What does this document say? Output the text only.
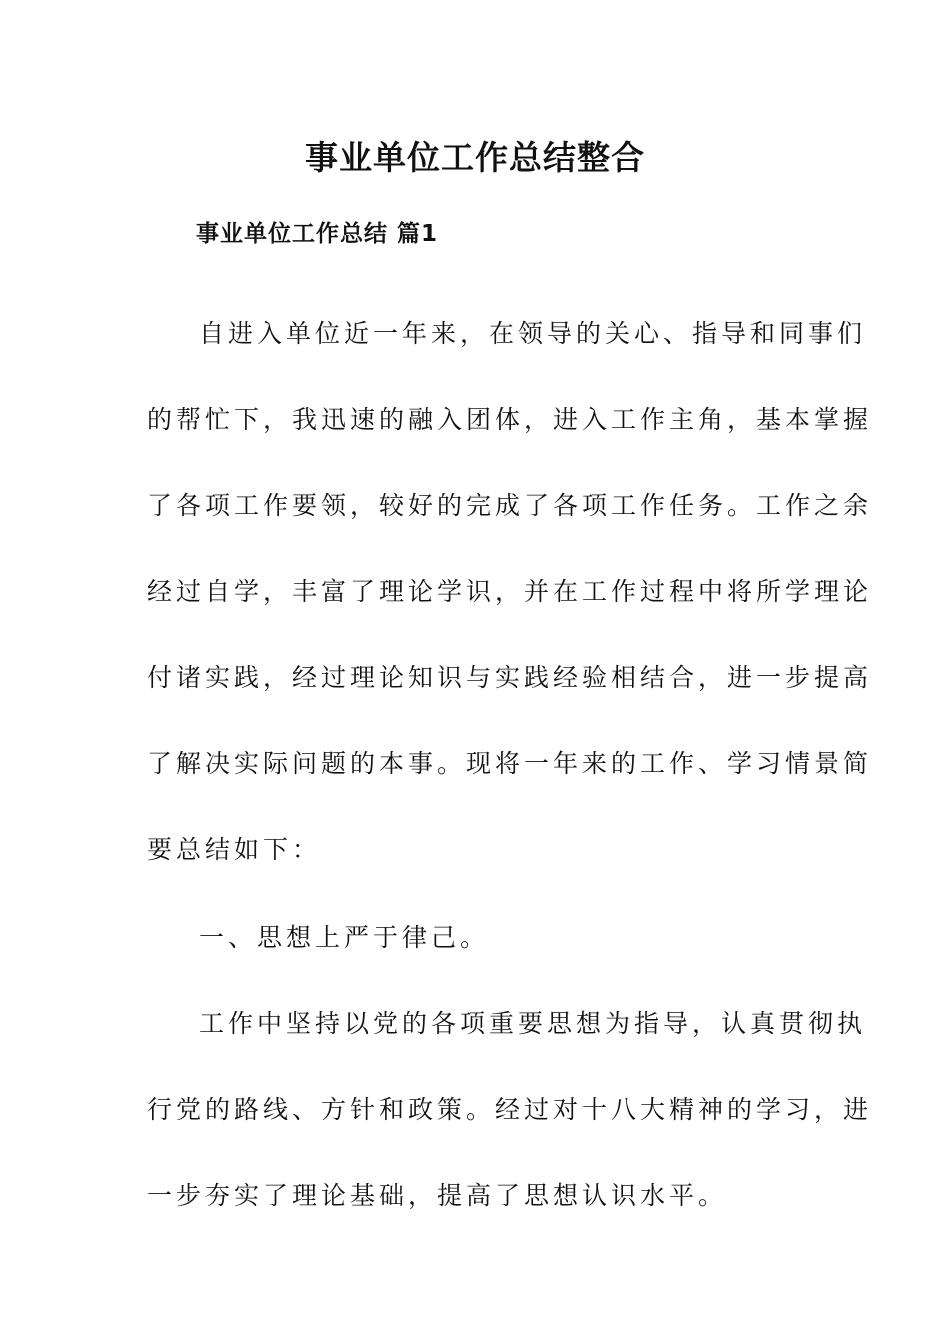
事业单位工作总结整合
事业单位工作总结 篇1

自进入单位近一年来，在领导的关心、指导和同事们

的帮忙下，我迅速的融入团体，进入工作主角，基本掌握

了各项工作要领，较好的完成了各项工作任务。工作之余

经过自学，丰富了理论学识，并在工作过程中将所学理论

付诸实践，经过理论知识与实践经验相结合，进一步提高

了解决实际问题的本事。现将一年来的工作、学习情景简

要总结如下：

一、思想上严于律己。

工作中坚持以党的各项重要思想为指导，认真贯彻执

行党的路线、方针和政策。经过对十八大精神的学习，进

一步夯实了理论基础，提高了思想认识水平。
